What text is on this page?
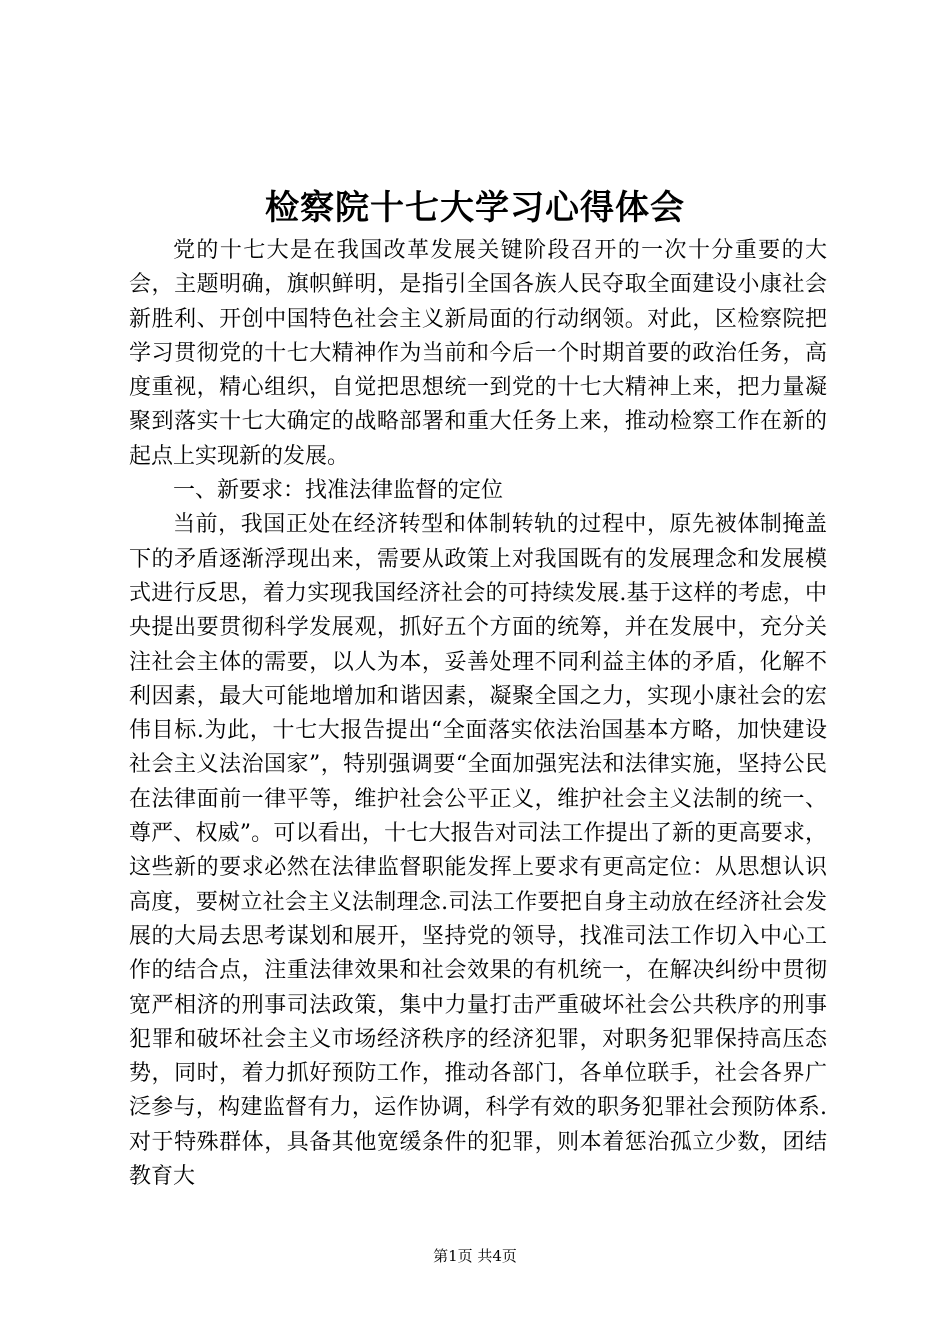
检察院十七大学习心得体会

党的十七大是在我国改革发展关键阶段召开的一次十分重要的大会，主题明确，旗帜鲜明，是指引全国各族人民夺取全面建设小康社会新胜利、开创中国特色社会主义新局面的行动纲领。对此，区检察院把学习贯彻党的十七大精神作为当前和今后一个时期首要的政治任务，高度重视，精心组织，自觉把思想统一到党的十七大精神上来，把力量凝聚到落实十七大确定的战略部署和重大任务上来，推动检察工作在新的起点上实现新的发展。

一、新要求：找准法律监督的定位

当前，我国正处在经济转型和体制转轨的过程中，原先被体制掩盖下的矛盾逐渐浮现出来，需要从政策上对我国既有的发展理念和发展模式进行反思，着力实现我国经济社会的可持续发展.基于这样的考虑，中央提出要贯彻科学发展观，抓好五个方面的统筹，并在发展中，充分关注社会主体的需要，以人为本，妥善处理不同利益主体的矛盾，化解不利因素，最大可能地增加和谐因素，凝聚全国之力，实现小康社会的宏伟目标.为此，十七大报告提出“全面落实依法治国基本方略，加快建设社会主义法治国家”，特别强调要“全面加强宪法和法律实施，坚持公民在法律面前一律平等，维护社会公平正义，维护社会主义法制的统一、尊严、权威”。可以看出，十七大报告对司法工作提出了新的更高要求，这些新的要求必然在法律监督职能发挥上要求有更高定位：从思想认识高度，要树立社会主义法制理念.司法工作要把自身主动放在经济社会发展的大局去思考谋划和展开，坚持党的领导，找准司法工作切入中心工作的结合点，注重法律效果和社会效果的有机统一，在解决纠纷中贯彻宽严相济的刑事司法政策，集中力量打击严重破坏社会公共秩序的刑事犯罪和破坏社会主义市场经济秩序的经济犯罪，对职务犯罪保持高压态势，同时，着力抓好预防工作，推动各部门，各单位联手，社会各界广泛参与，构建监督有力，运作协调，科学有效的职务犯罪社会预防体系.对于特殊群体，具备其他宽缓条件的犯罪，则本着惩治孤立少数，团结教育大

第1页 共4页
